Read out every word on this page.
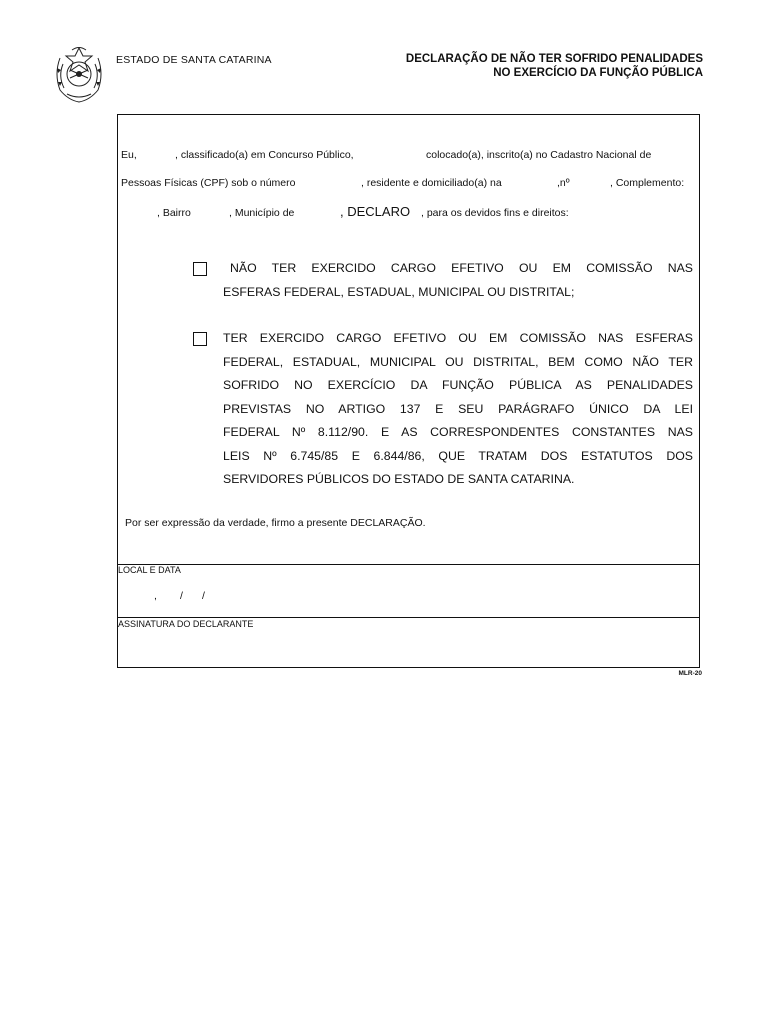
ESTADO DE SANTA CATARINA	DECLARAÇÃO DE NÃO TER SOFRIDO PENALIDADES
NO EXERCÍCIO DA FUNÇÃO PÚBLICA
Eu,	, classificado(a) em Concurso Público,	colocado(a), inscrito(a) no Cadastro Nacional de
Pessoas Físicas (CPF) sob o número	, residente e domiciliado(a) na	,nº	, Complemento:
, Bairro	, Município de	, DECLARO , para os devidos fins e direitos:
NÃO TER EXERCIDO CARGO EFETIVO OU EM COMISSÃO NAS
ESFERAS FEDERAL, ESTADUAL, MUNICIPAL OU DISTRITAL;
TER EXERCIDO CARGO EFETIVO OU EM COMISSÃO NAS ESFERAS
FEDERAL, ESTADUAL, MUNICIPAL OU DISTRITAL, BEM COMO NÃO TER
SOFRIDO NO EXERCÍCIO DA FUNÇÃO PÚBLICA AS PENALIDADES
PREVISTAS NO ARTIGO 137 E SEU PARÁGRAFO ÚNICO DA LEI
FEDERAL Nº 8.112/90. E AS CORRESPONDENTES CONSTANTES NAS
LEIS Nº 6.745/85 E 6.844/86, QUE TRATAM DOS ESTATUTOS DOS
SERVIDORES PÚBLICOS DO ESTADO DE SANTA CATARINA.
Por ser expressão da verdade, firmo a presente DECLARAÇÃO.
LOCAL E DATA
, / /
ASSINATURA DO DECLARANTE
MLR-20
